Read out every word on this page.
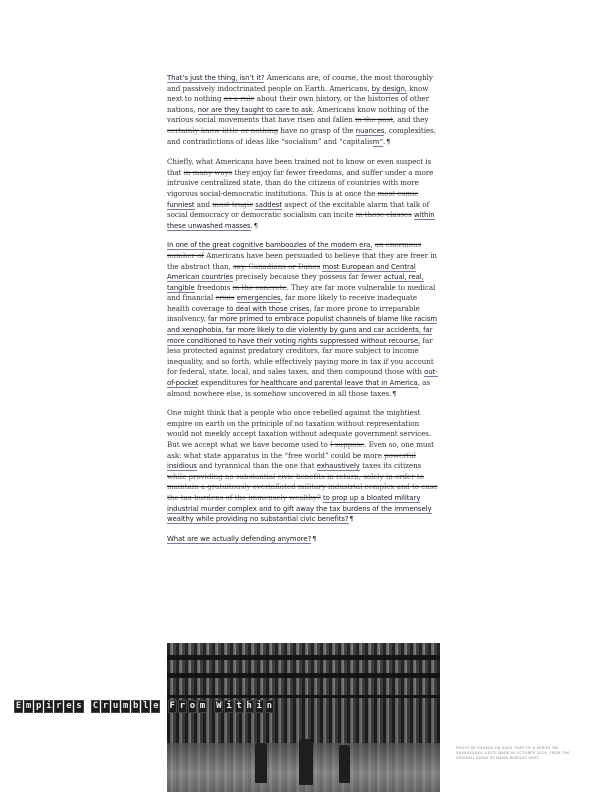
That’s just the thing, isn’t it? Americans are, of course, the most thoroughly and passively indoctrinated people on Earth. Americans, by design, know next to nothing as a rule about their own history, or the histories of other nations, nor are they taught to care to ask. Americans know nothing of the various social movements that have risen and fallen in the past, and they certainly know little or nothing have no grasp of the nuances, complexities, and contradictions of ideas like “socialism” and “capitalism”.¶

Chiefly, what Americans have been trained not to know or even suspect is that in many ways they enjoy far fewer freedoms, and suffer under a more intrusive centralized state, than do the citizens of countries with more vigorous social-democratic institutions. This is at once the most comic funniest and most tragic saddest aspect of the excitable alarm that talk of social democracy or democratic socialism can incite in those classes within these unwashed masses.¶

In one of the great cognitive bamboozles of the modern era, an enormous number of Americans have been persuaded to believe that they are freer in the abstract than, say, Canadians or Danes most European and Central American countries precisely because they possess far fewer actual, real, tangible freedoms in the concrete. They are far more vulnerable to medical and financial crisis emergencies, far more likely to receive inadequate health coverage to deal with those crises, far more prone to irreparable insolvency, far more primed to embrace populist channels of blame like racism and xenophobia, far more likely to die violently by guns and car accidents, far more conditioned to have their voting rights suppressed without recourse, far less protected against predatory creditors, far more subject to income inequality, and so forth, while effectively paying more in tax if you account for federal, state, local, and sales taxes, and then compound those with out-of-pocket expenditures for healthcare and parental leave that in America, as almost nowhere else, is somehow uncovered in all those taxes.¶

One might think that a people who once rebelled against the mightiest empire on earth on the principle of no taxation without representation would not meekly accept taxation without adequate government services. But we accept what we have become used to I suppose. Even so, one must ask: what state apparatus in the “free world” could be more powerful insidious and tyrannical than the one that exhaustively taxes its citizens while providing no substantial civic benefits in return, solely in order to maintain a gratuitously overinflated military-industrial complex and to ease the tax burdens of the immensely wealthy? to prop up a bloated military industrial murder complex and to gift away the tax burdens of the immensely wealthy while providing no substantial civic benefits?¶

What are we actually defending anymore?¶

E m p i r e s C r u m b l e F r o m W i t h i n
PHOTO BY XXXXXX ON XXXX. PART OF A SERIES ON XXXXXXXXXX. EDITS MADE IN OCTOBER 2019, FROM THE ORIGINAL ESSAY BY DAVID BENTLEY HART.
